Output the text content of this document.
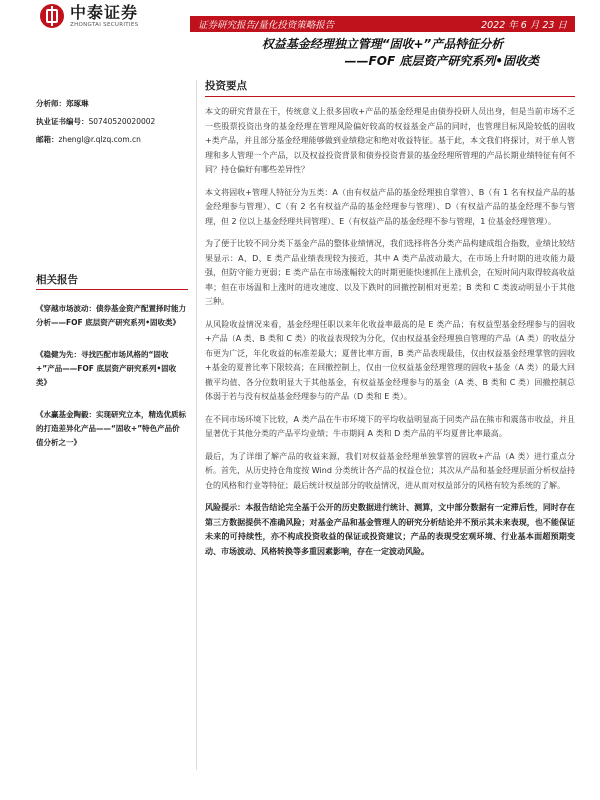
中泰证券
ZHONGTAI SECURITIES	证券研究报告/量化投资策略报告	2022 年 6 月 23 日
权益基金经理独立管理“固收+”产品特征分析
——FOF 底层资产研究系列•固收类
分析师：郑琢琳
执业证书编号：S0740520020002
邮箱：zhengl@r.qlzq.com.cn
相关报告
《穿越市场波动：债券基金资产配置择时能力分析——FOF 底层资产研究系列•固收类》
《稳健为先：寻找匹配市场风格的“固收+”产品——FOF 底层资产研究系列•固收类》
《水赢基金陶毅：实现研究立本，精选优质标的打造差异化产品——“固收+”特色产品价值分析之一》
投资要点

本文的研究背景在于，传统意义上很多固收+产品的基金经理是由债券投研人员出身，但是当前市场不乏一些股票投资出身的基金经理在管理风险偏好较高的权益基金产品的同时，也管理目标风险较低的固收+类产品，并且部分基金经理能够做到业绩稳定和绝对收益特征。基于此，本文我们将探讨，对于单人管理和多人管理一个产品，以及权益投资背景和债券投资背景的基金经理所管理的产品长期业绩特征有何不同？持仓偏好有哪些差异性？

本文将固收+管理人特征分为五类：A（由有权益产品的基金经理独自掌管）、B（有 1 名有权益产品的基金经理参与管理）、C（有 2 名有权益产品的基金经理参与管理）、D（有权益产品的基金经理不参与管理，但 2 位以上基金经理共同管理）、E（有权益产品的基金经理不参与管理，1 位基金经理管理）。

为了便于比较不同分类下基金产品的整体业绩情况，我们选择将各分类产品构建成组合指数，业绩比较结果显示：A、D、E 类产品业绩表现较为接近，其中 A 类产品波动最大，在市场上升时期的进攻能力最强，但防守能力更弱；E 类产品在市场涨幅较大的时期更能快速抓住上涨机会，在短时间内取得较高收益率；但在市场温和上涨时的进攻速度、以及下跌时的回撤控制相对更差；B 类和 C 类波动明显小于其他三种。

从风险收益情况来看，基金经理任职以来年化收益率最高的是 E 类产品；有权益型基金经理参与的固收+产品（A 类、B 类和 C 类）的收益表现较为分化，仅由权益基金经理独自管理的产品（A 类）的收益分布更为广泛，年化收益的标准差最大；夏普比率方面，B 类产品表现最佳，仅由权益基金经理掌管的固收+基金的夏普比率下限较高；在回撤控制上，仅由一位权益基金经理管理的固收+基金（A 类）的最大回撤平均值、各分位数明显大于其他基金，有权益基金经理参与的基金（A 类、B 类和 C 类）回撤控制总体弱于若与没有权益基金经理参与的产品（D 类和 E 类）。

在不同市场环境下比较，A 类产品在牛市环境下的平均收益明显高于同类产品在熊市和震荡市收益，并且显著优于其他分类的产品平均业绩；牛市期间 A 类和 D 类产品的平均夏普比率最高。

最后，为了详细了解产品的收益来源，我们对权益基金经理单独掌管的固收+产品（A 类）进行重点分析。首先，从历史持仓角度按 Wind 分类统计各产品的权益仓位；其次从产品和基金经理层面分析权益持仓的风格和行业等特征；最后统计权益部分的收益情况，进从而对权益部分的风格有较为系统的了解。

风险提示：本报告结论完全基于公开的历史数据进行统计、测算，文中部分数据有一定滞后性，同时存在第三方数据提供不准确风险；对基金产品和基金管理人的研究分析结论并不预示其未来表现，也不能保证未来的可持续性，亦不构成投资收益的保证或投资建议；产品的表现受宏观环境、行业基本面超预期变动、市场波动、风格转换等多重因素影响，存在一定波动风险。
